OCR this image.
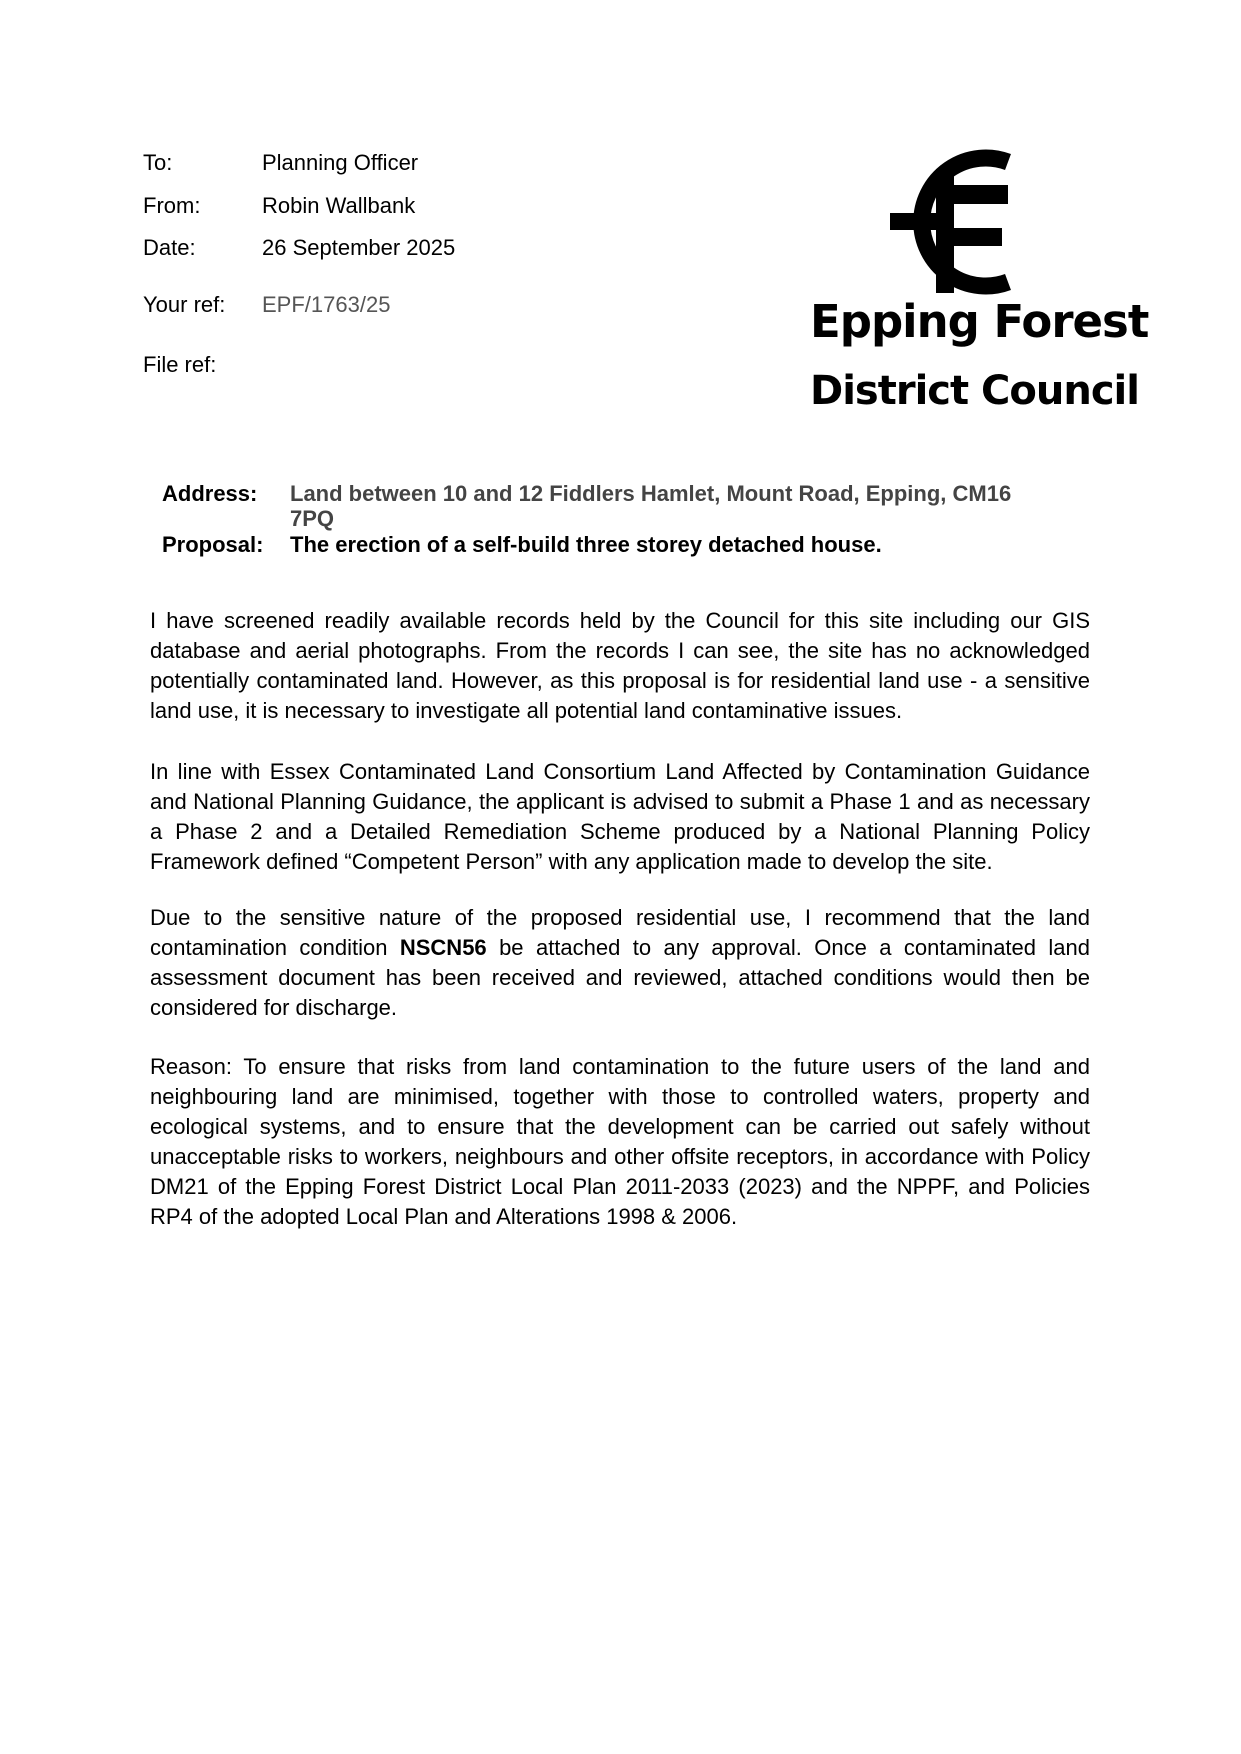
To:	Planning Officer
From:	Robin Wallbank
Date:	26 September 2025
Your ref: EPF/1763/25
File ref:
Epping Forest
District Council
Address:	Land between 10 and 12 Fiddlers Hamlet, Mount Road, Epping, CM16 7PQ
Proposal:	The erection of a self-build three storey detached house.

I have screened readily available records held by the Council for this site including our GIS database and aerial photographs. From the records I can see, the site has no acknowledged potentially contaminated land. However, as this proposal is for residential land use - a sensitive land use, it is necessary to investigate all potential land contaminative issues.

In line with Essex Contaminated Land Consortium Land Affected by Contamination Guidance and National Planning Guidance, the applicant is advised to submit a Phase 1 and as necessary a Phase 2 and a Detailed Remediation Scheme produced by a National Planning Policy Framework defined “Competent Person” with any application made to develop the site.

Due to the sensitive nature of the proposed residential use, I recommend that the land contamination condition NSCN56 be attached to any approval. Once a contaminated land assessment document has been received and reviewed, attached conditions would then be considered for discharge.

Reason: To ensure that risks from land contamination to the future users of the land and neighbouring land are minimised, together with those to controlled waters, property and ecological systems, and to ensure that the development can be carried out safely without unacceptable risks to workers, neighbours and other offsite receptors, in accordance with Policy DM21 of the Epping Forest District Local Plan 2011-2033 (2023) and the NPPF, and Policies RP4 of the adopted Local Plan and Alterations 1998 & 2006.
